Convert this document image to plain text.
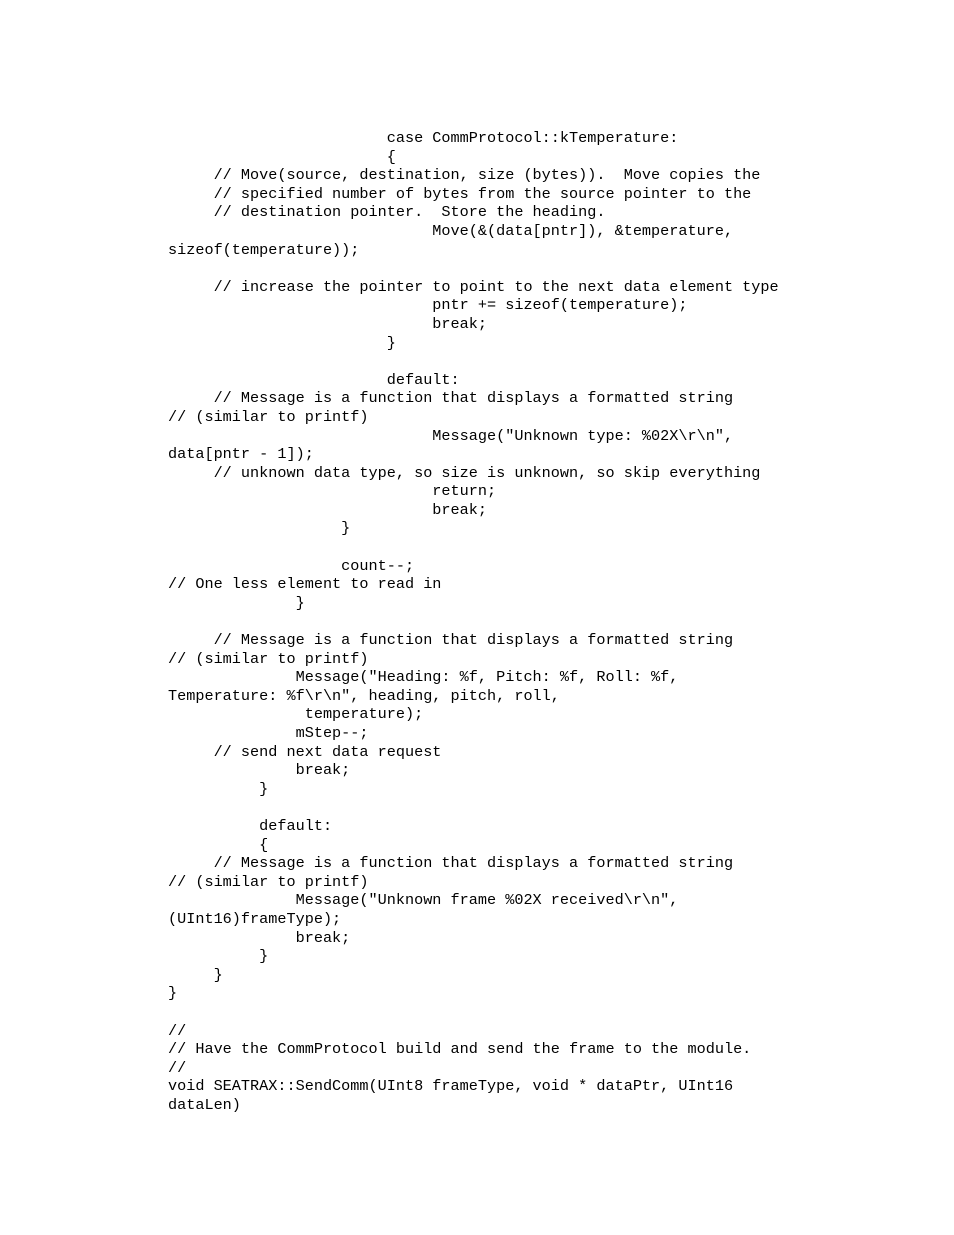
case CommProtocol::kTemperature:
{
// Move(source, destination, size (bytes)).  Move copies the
// specified number of bytes from the source pointer to the
// destination pointer.  Store the heading.
Move(&(data[pntr]), &temperature,
sizeof(temperature));
// increase the pointer to point to the next data element type
pntr += sizeof(temperature);
break;
}
default:
// Message is a function that displays a formatted string
// (similar to printf)
Message("Unknown type: %02X\r\n",
data[pntr - 1]);
// unknown data type, so size is unknown, so skip everything
return;
break;
}
count--;
// One less element to read in
}
// Message is a function that displays a formatted string
// (similar to printf)
Message("Heading: %f, Pitch: %f, Roll: %f,
Temperature: %f\r\n", heading, pitch, roll,
temperature);
mStep--;
// send next data request
break;
}
default:
{
// Message is a function that displays a formatted string
// (similar to printf)
Message("Unknown frame %02X received\r\n",
(UInt16)frameType);
break;
}
}
}
//
// Have the CommProtocol build and send the frame to the module.
//
void SEATRAX::SendComm(UInt8 frameType, void * dataPtr, UInt16
dataLen)
